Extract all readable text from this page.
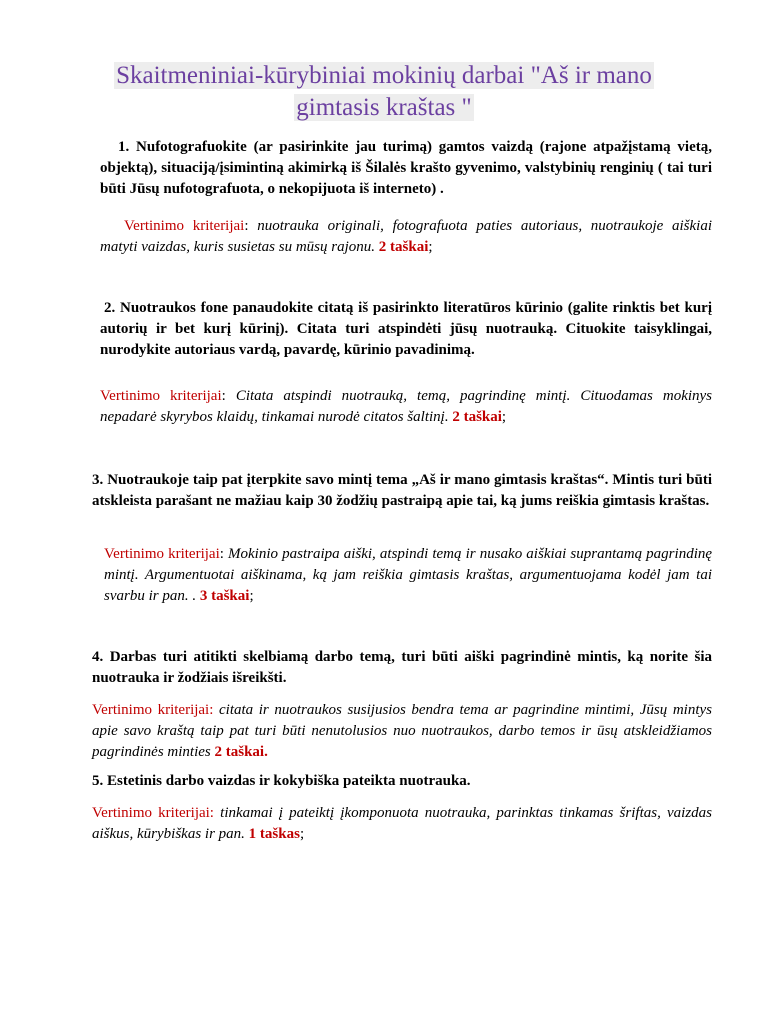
Skaitmeniniai-kūrybiniai mokinių darbai "Aš ir mano
gimtasis kraštas "
1. Nufotografuokite (ar pasirinkite jau turimą) gamtos vaizdą (rajone atpažįstamą vietą, objektą), situaciją/įsimintiną akimirką iš Šilalės krašto gyvenimo, valstybinių renginių ( tai turi būti Jūsų nufotografuota, o nekopijuota iš interneto) .
Vertinimo kriterijai: nuotrauka originali, fotografuota paties autoriaus, nuotraukoje aiškiai matyti vaizdas, kuris susietas su mūsų rajonu. 2 taškai;
2. Nuotraukos fone panaudokite citatą iš pasirinkto literatūros kūrinio (galite rinktis bet kurį autorių ir bet kurį kūrinį). Citata turi atspindėti jūsų nuotrauką. Cituokite taisyklingai, nurodykite autoriaus vardą, pavardę, kūrinio pavadinimą.
Vertinimo kriterijai: Citata atspindi nuotrauką, temą, pagrindinę mintį. Cituodamas mokinys nepadarė skyrybos klaidų, tinkamai nurodė citatos šaltinį. 2 taškai;
3. Nuotraukoje taip pat įterpkite savo mintį tema „Aš ir mano gimtasis kraštas“. Mintis turi būti atskleista parašant ne mažiau kaip 30 žodžių pastraipą apie tai, ką jums reiškia gimtasis kraštas.
Vertinimo kriterijai: Mokinio pastraipa aiški, atspindi temą ir nusako aiškiai suprantamą pagrindinę mintį. Argumentuotai aiškinama, ką jam reiškia gimtasis kraštas, argumentuojama kodėl jam tai svarbu ir pan. . 3 taškai;
4. Darbas turi atitikti skelbiamą darbo temą, turi būti aiški pagrindinė mintis, ką norite šia nuotrauka ir žodžiais išreikšti.
Vertinimo kriterijai: citata ir nuotraukos susijusios bendra tema ar pagrindine mintimi, Jūsų mintys apie savo kraštą taip pat turi būti nenutolusios nuo nuotraukos, darbo temos ir ūsų atskleidžiamos pagrindinės minties 2 taškai.
5. Estetinis darbo vaizdas ir kokybiška pateikta nuotrauka.
Vertinimo kriterijai: tinkamai į pateiktį įkomponuota nuotrauka, parinktas tinkamas šriftas, vaizdas aiškus, kūrybiškas ir pan. 1 taškas;
